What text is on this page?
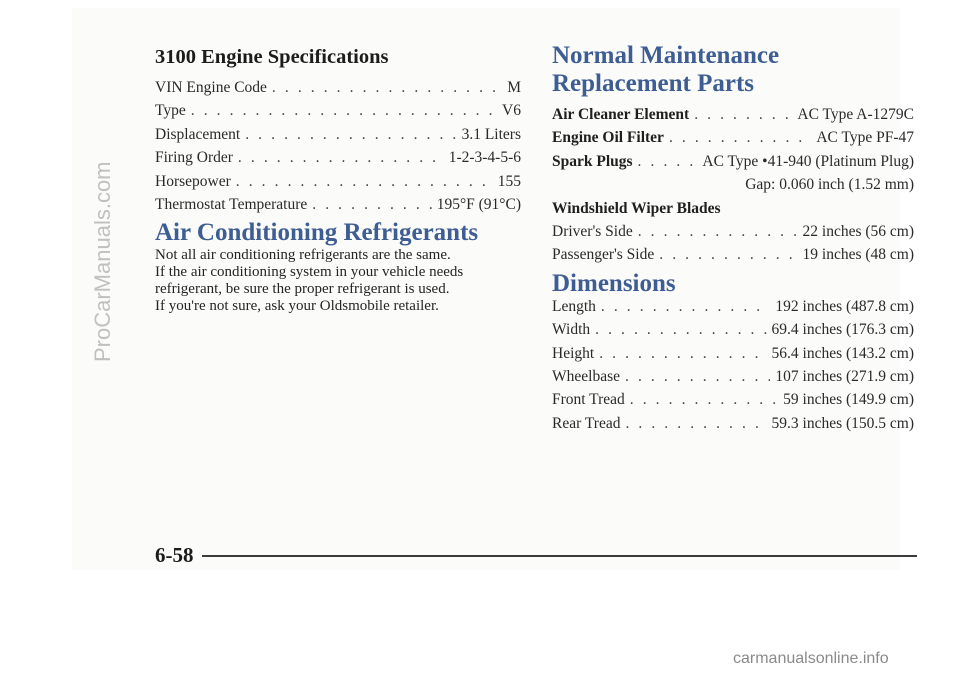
3100 Engine Specifications
VIN Engine Code . . .	M
Type . . .	V6
Displacement . . .	3.1 Liters
Firing Order . . .	1-2-3-4-5-6
Horsepower . . .	155
Thermostat Temperature . . .	195°F (91°C)
Air Conditioning Refrigerants

Not all air conditioning refrigerants are the same.
If the air conditioning system in your vehicle needs
refrigerant, be sure the proper refrigerant is used.
If you're not sure, ask your Oldsmobile retailer.

Normal Maintenance
Replacement Parts
Air Cleaner Element . . .	AC Type A-1279C
Engine Oil Filter . . .	AC Type PF-47
Spark Plugs . . .	AC Type •41-940 (Platinum Plug)
Gap: 0.060 inch (1.52 mm)
Windshield Wiper Blades
Driver's Side . . .	22 inches (56 cm)
Passenger's Side . . .	19 inches (48 cm)
Dimensions
Length . . .	192 inches (487.8 cm)
Width . . .	69.4 inches (176.3 cm)
Height . . .	56.4 inches (143.2 cm)
Wheelbase . . .	107 inches (271.9 cm)
Front Tread . . .	59 inches (149.9 cm)
Rear Tread . . .	59.3 inches (150.5 cm)
6-58
ProCarManuals.com
carmanualsonline.info
